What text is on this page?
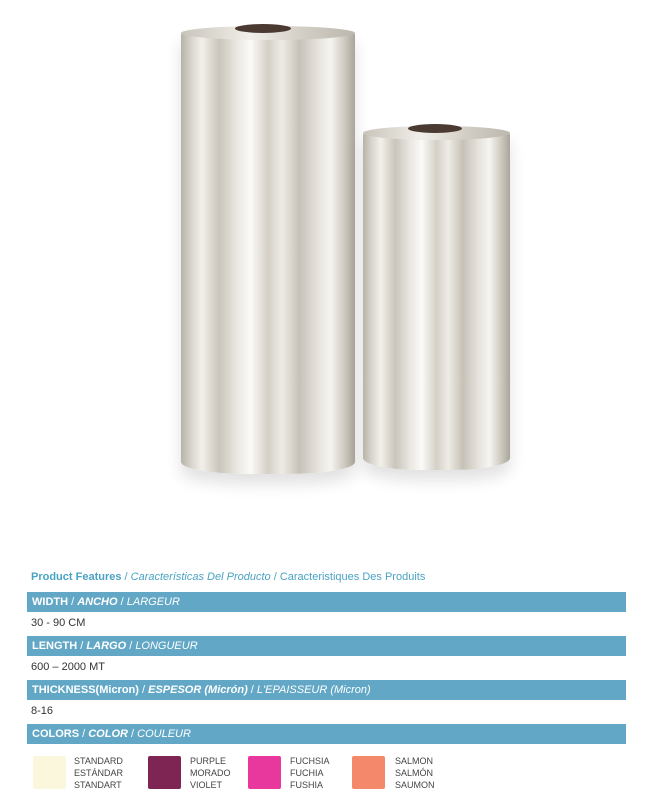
Product Features / Características Del Producto / Caracteristiques Des Produits
WIDTH / ANCHO / LARGEUR
30 - 90 CM
LENGTH / LARGO / LONGUEUR
600 – 2000 MT
THICKNESS(Micron) / ESPESOR (Micrón) / L'EPAISSEUR (Micron)
8-16
COLORS / COLOR / COULEUR
STANDARD
ESTÁNDAR
STANDART
PURPLE
MORADO
VIOLET
FUCHSIA
FUCHIA
FUSHIA
SALMON
SALMÓN
SAUMON
